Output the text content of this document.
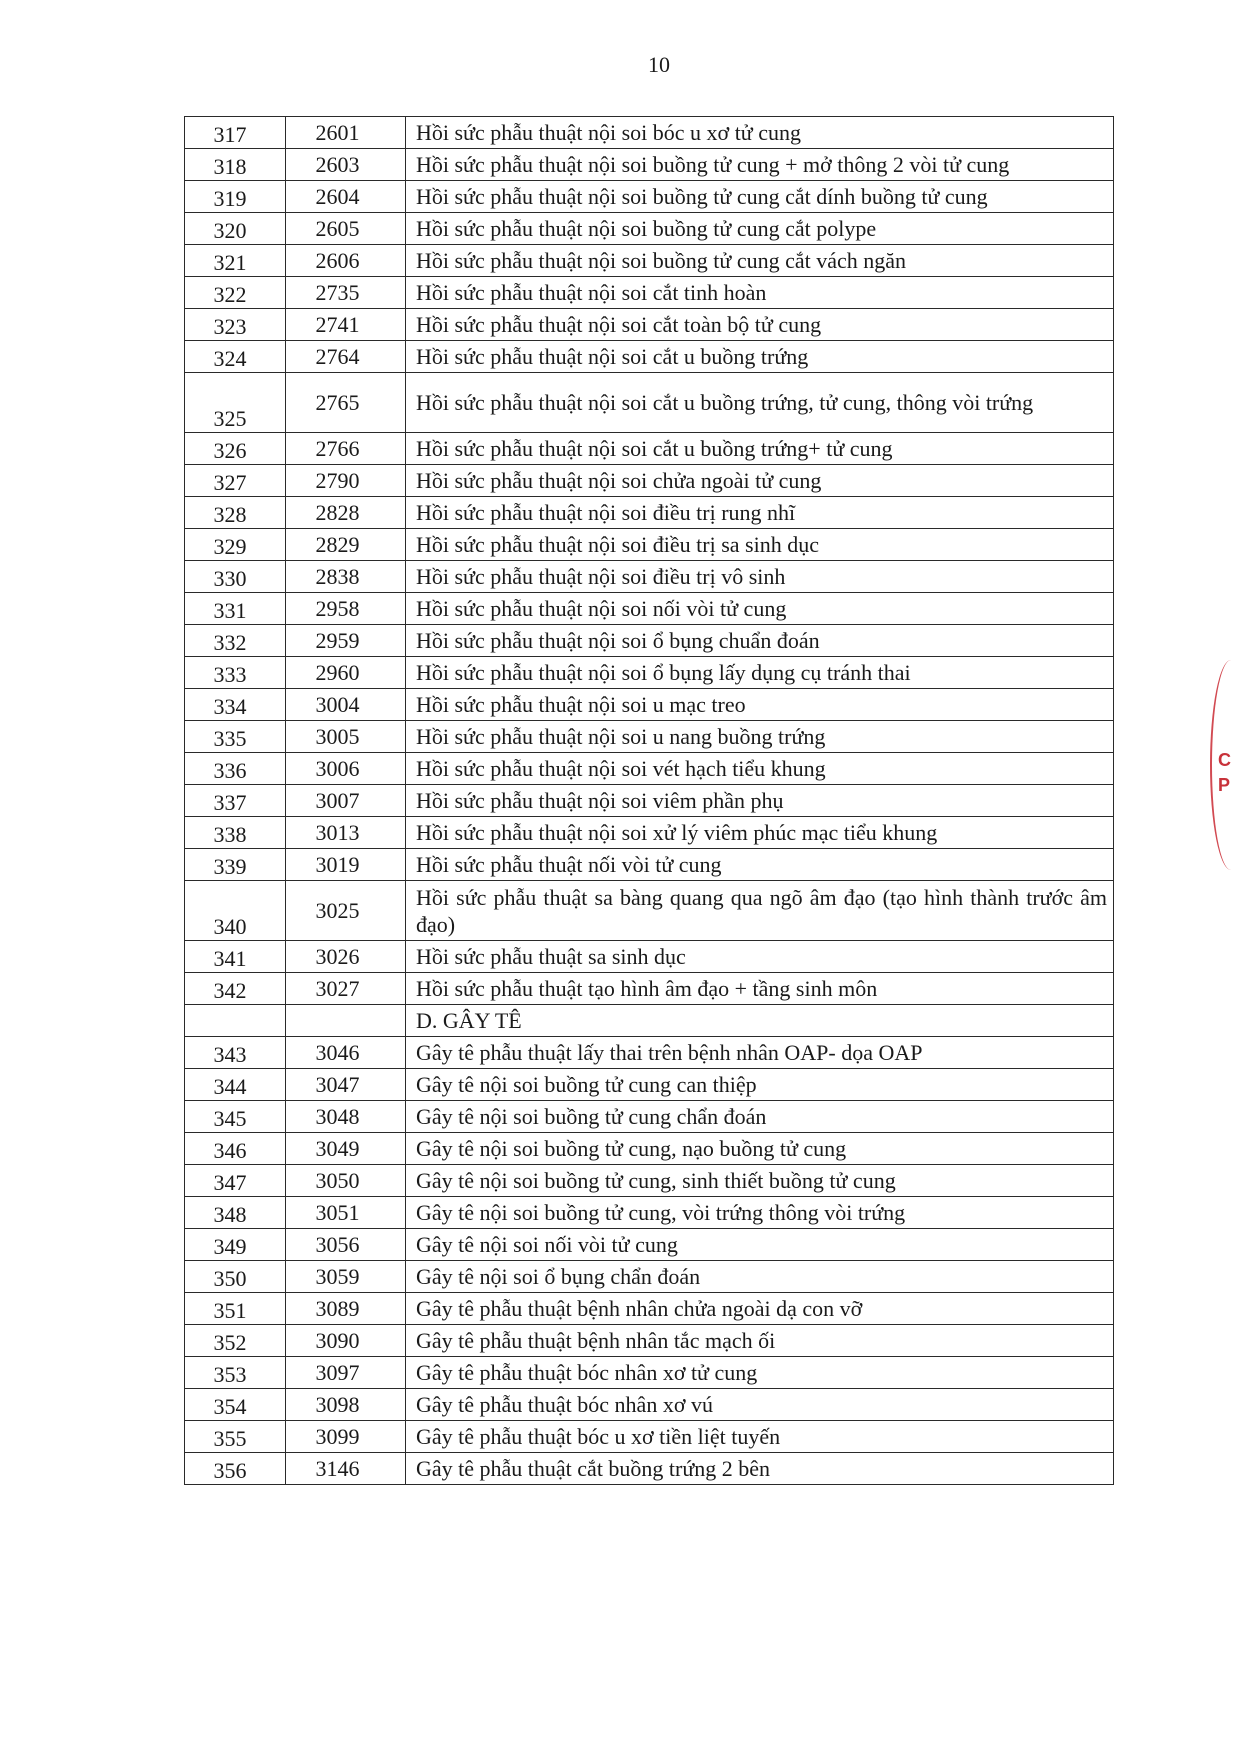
10
317	2601	Hồi sức phẫu thuật nội soi bóc u xơ tử cung
318	2603	Hồi sức phẫu thuật nội soi buồng tử cung + mở thông 2 vòi tử cung
319	2604	Hồi sức phẫu thuật nội soi buồng tử cung cắt dính buồng tử cung
320	2605	Hồi sức phẫu thuật nội soi buồng tử cung cắt polype
321	2606	Hồi sức phẫu thuật nội soi buồng tử cung cắt vách ngăn
322	2735	Hồi sức phẫu thuật nội soi cắt tinh hoàn
323	2741	Hồi sức phẫu thuật nội soi cắt toàn bộ tử cung
324	2764	Hồi sức phẫu thuật nội soi cắt u buồng trứng
325	2765	Hồi sức phẫu thuật nội soi cắt u buồng trứng, tử cung, thông vòi trứng
326	2766	Hồi sức phẫu thuật nội soi cắt u buồng trứng+ tử cung
327	2790	Hồi sức phẫu thuật nội soi chửa ngoài tử cung
328	2828	Hồi sức phẫu thuật nội soi điều trị rung nhĩ
329	2829	Hồi sức phẫu thuật nội soi điều trị sa sinh dục
330	2838	Hồi sức phẫu thuật nội soi điều trị vô sinh
331	2958	Hồi sức phẫu thuật nội soi nối vòi tử cung
332	2959	Hồi sức phẫu thuật nội soi ổ bụng chuẩn đoán
333	2960	Hồi sức phẫu thuật nội soi ổ bụng lấy dụng cụ tránh thai
334	3004	Hồi sức phẫu thuật nội soi u mạc treo
335	3005	Hồi sức phẫu thuật nội soi u nang buồng trứng
336	3006	Hồi sức phẫu thuật nội soi vét hạch tiểu khung
337	3007	Hồi sức phẫu thuật nội soi viêm phần phụ
338	3013	Hồi sức phẫu thuật nội soi xử lý viêm phúc mạc tiểu khung
339	3019	Hồi sức phẫu thuật nối vòi tử cung
340	3025	Hồi sức phẫu thuật sa bàng quang qua ngõ âm đạo (tạo hình thành trước âm đạo)
341	3026	Hồi sức phẫu thuật sa sinh dục
342	3027	Hồi sức phẫu thuật tạo hình âm đạo + tầng sinh môn
		D. GÂY TÊ
343	3046	Gây tê phẫu thuật lấy thai trên bệnh nhân OAP- dọa OAP
344	3047	Gây tê nội soi buồng tử cung can thiệp
345	3048	Gây tê nội soi buồng tử cung chẩn đoán
346	3049	Gây tê nội soi buồng tử cung, nạo buồng tử cung
347	3050	Gây tê nội soi buồng tử cung, sinh thiết buồng tử cung
348	3051	Gây tê nội soi buồng tử cung, vòi trứng thông vòi trứng
349	3056	Gây tê nội soi nối vòi tử cung
350	3059	Gây tê nội soi ổ bụng chẩn đoán
351	3089	Gây tê phẫu thuật bệnh nhân chửa ngoài dạ con vỡ
352	3090	Gây tê phẫu thuật bệnh nhân tắc mạch ối
353	3097	Gây tê phẫu thuật bóc nhân xơ tử cung
354	3098	Gây tê phẫu thuật bóc nhân xơ vú
355	3099	Gây tê phẫu thuật bóc u xơ tiền liệt tuyến
356	3146	Gây tê phẫu thuật cắt buồng trứng 2 bên
C
P
